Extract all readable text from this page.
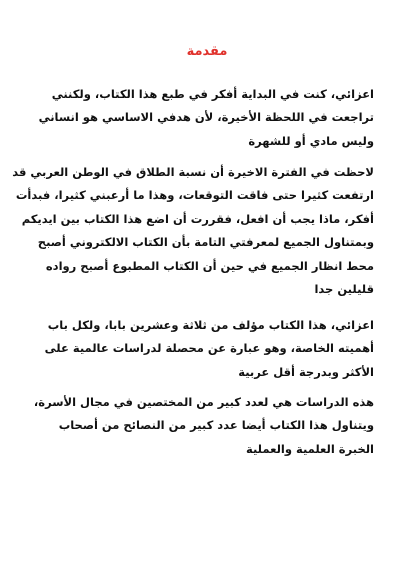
مقدمة

اعزائي، كنت في البداية أفكر في طبع هذا الكتاب، ولكنني
تراجعت في اللحظة الأخيرة، لأن هدفي الاساسي هو انساني
وليس مادي أو للشهرة

لاحظت في الفترة الاخيرة أن نسبة الطلاق في الوطن العربي قد
ارتفعت كثيرا حتى فاقت التوقعات، وهذا ما أرعبني كثيرا، فبدأت
أفكر، ماذا يجب أن افعل، فقررت أن اضع هذا الكتاب بين ايديكم
وبمتناول الجميع لمعرفتي التامة بأن الكتاب الالكتروني أصبح
محط انظار الجميع في حين أن الكتاب المطبوع أصبح رواده
قليلين جدا

اعزائي، هذا الكتاب مؤلف من ثلاثة وعشرين بابا، ولكل باب
أهميته الخاصة، وهو عبارة عن محصلة لدراسات عالمية على
الأكثر وبدرجة أقل عربية

هذه الدراسات هي لعدد كبير من المختصين في مجال الأسرة،
ويتناول هذا الكتاب أيضا عدد كبير من النصائح من أصحاب
الخبرة العلمية والعملية
